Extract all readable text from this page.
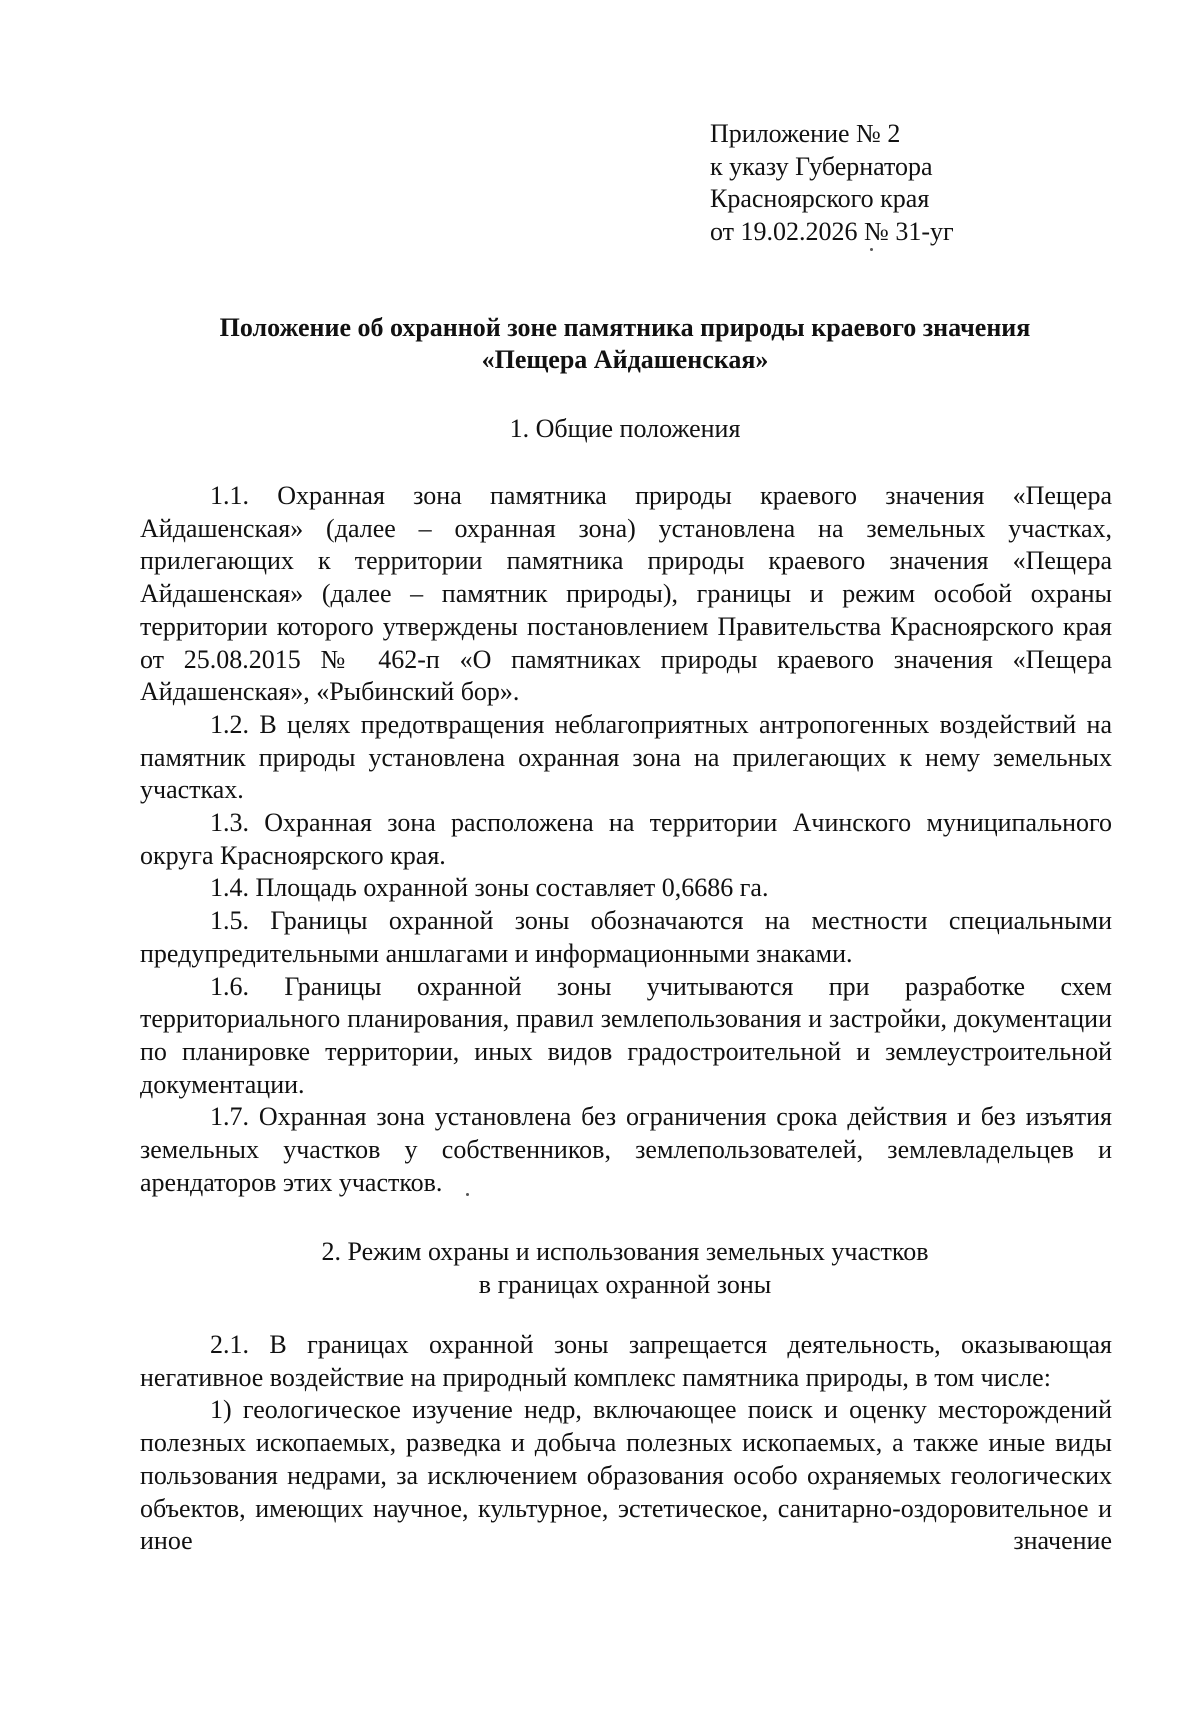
Приложение № 2
к указу Губернатора
Красноярского края
от 19.02.2026 № 31-уг
Положение об охранной зоне памятника природы краевого значения
«Пещера Айдашенская»
1. Общие положения

1.1. Охранная зона памятника природы краевого значения «Пещера Айдашенская» (далее – охранная зона) установлена на земельных участках, прилегающих к территории памятника природы краевого значения «Пещера Айдашенская» (далее – памятник природы), границы и режим особой охраны территории которого утверждены постановлением Правительства Красноярского края от 25.08.2015 № 462-п «О памятниках природы краевого значения «Пещера Айдашенская», «Рыбинский бор».

1.2. В целях предотвращения неблагоприятных антропогенных воздействий на памятник природы установлена охранная зона на прилегающих к нему земельных участках.

1.3. Охранная зона расположена на территории Ачинского муниципального округа Красноярского края.

1.4. Площадь охранной зоны составляет 0,6686 га.

1.5. Границы охранной зоны обозначаются на местности специальными предупредительными аншлагами и информационными знаками.

1.6. Границы охранной зоны учитываются при разработке схем территориального планирования, правил землепользования и застройки, документации по планировке территории, иных видов градостроительной и землеустроительной документации.

1.7. Охранная зона установлена без ограничения срока действия и без изъятия земельных участков у собственников, землепользователей, землевладельцев и арендаторов этих участков.

2. Режим охраны и использования земельных участков
в границах охранной зоны

2.1. В границах охранной зоны запрещается деятельность, оказывающая негативное воздействие на природный комплекс памятника природы, в том числе:

1) геологическое изучение недр, включающее поиск и оценку месторождений полезных ископаемых, разведка и добыча полезных ископаемых, а также иные виды пользования недрами, за исключением образования особо охраняемых геологических объектов, имеющих научное, культурное, эстетическое, санитарно-оздоровительное и иное значение
